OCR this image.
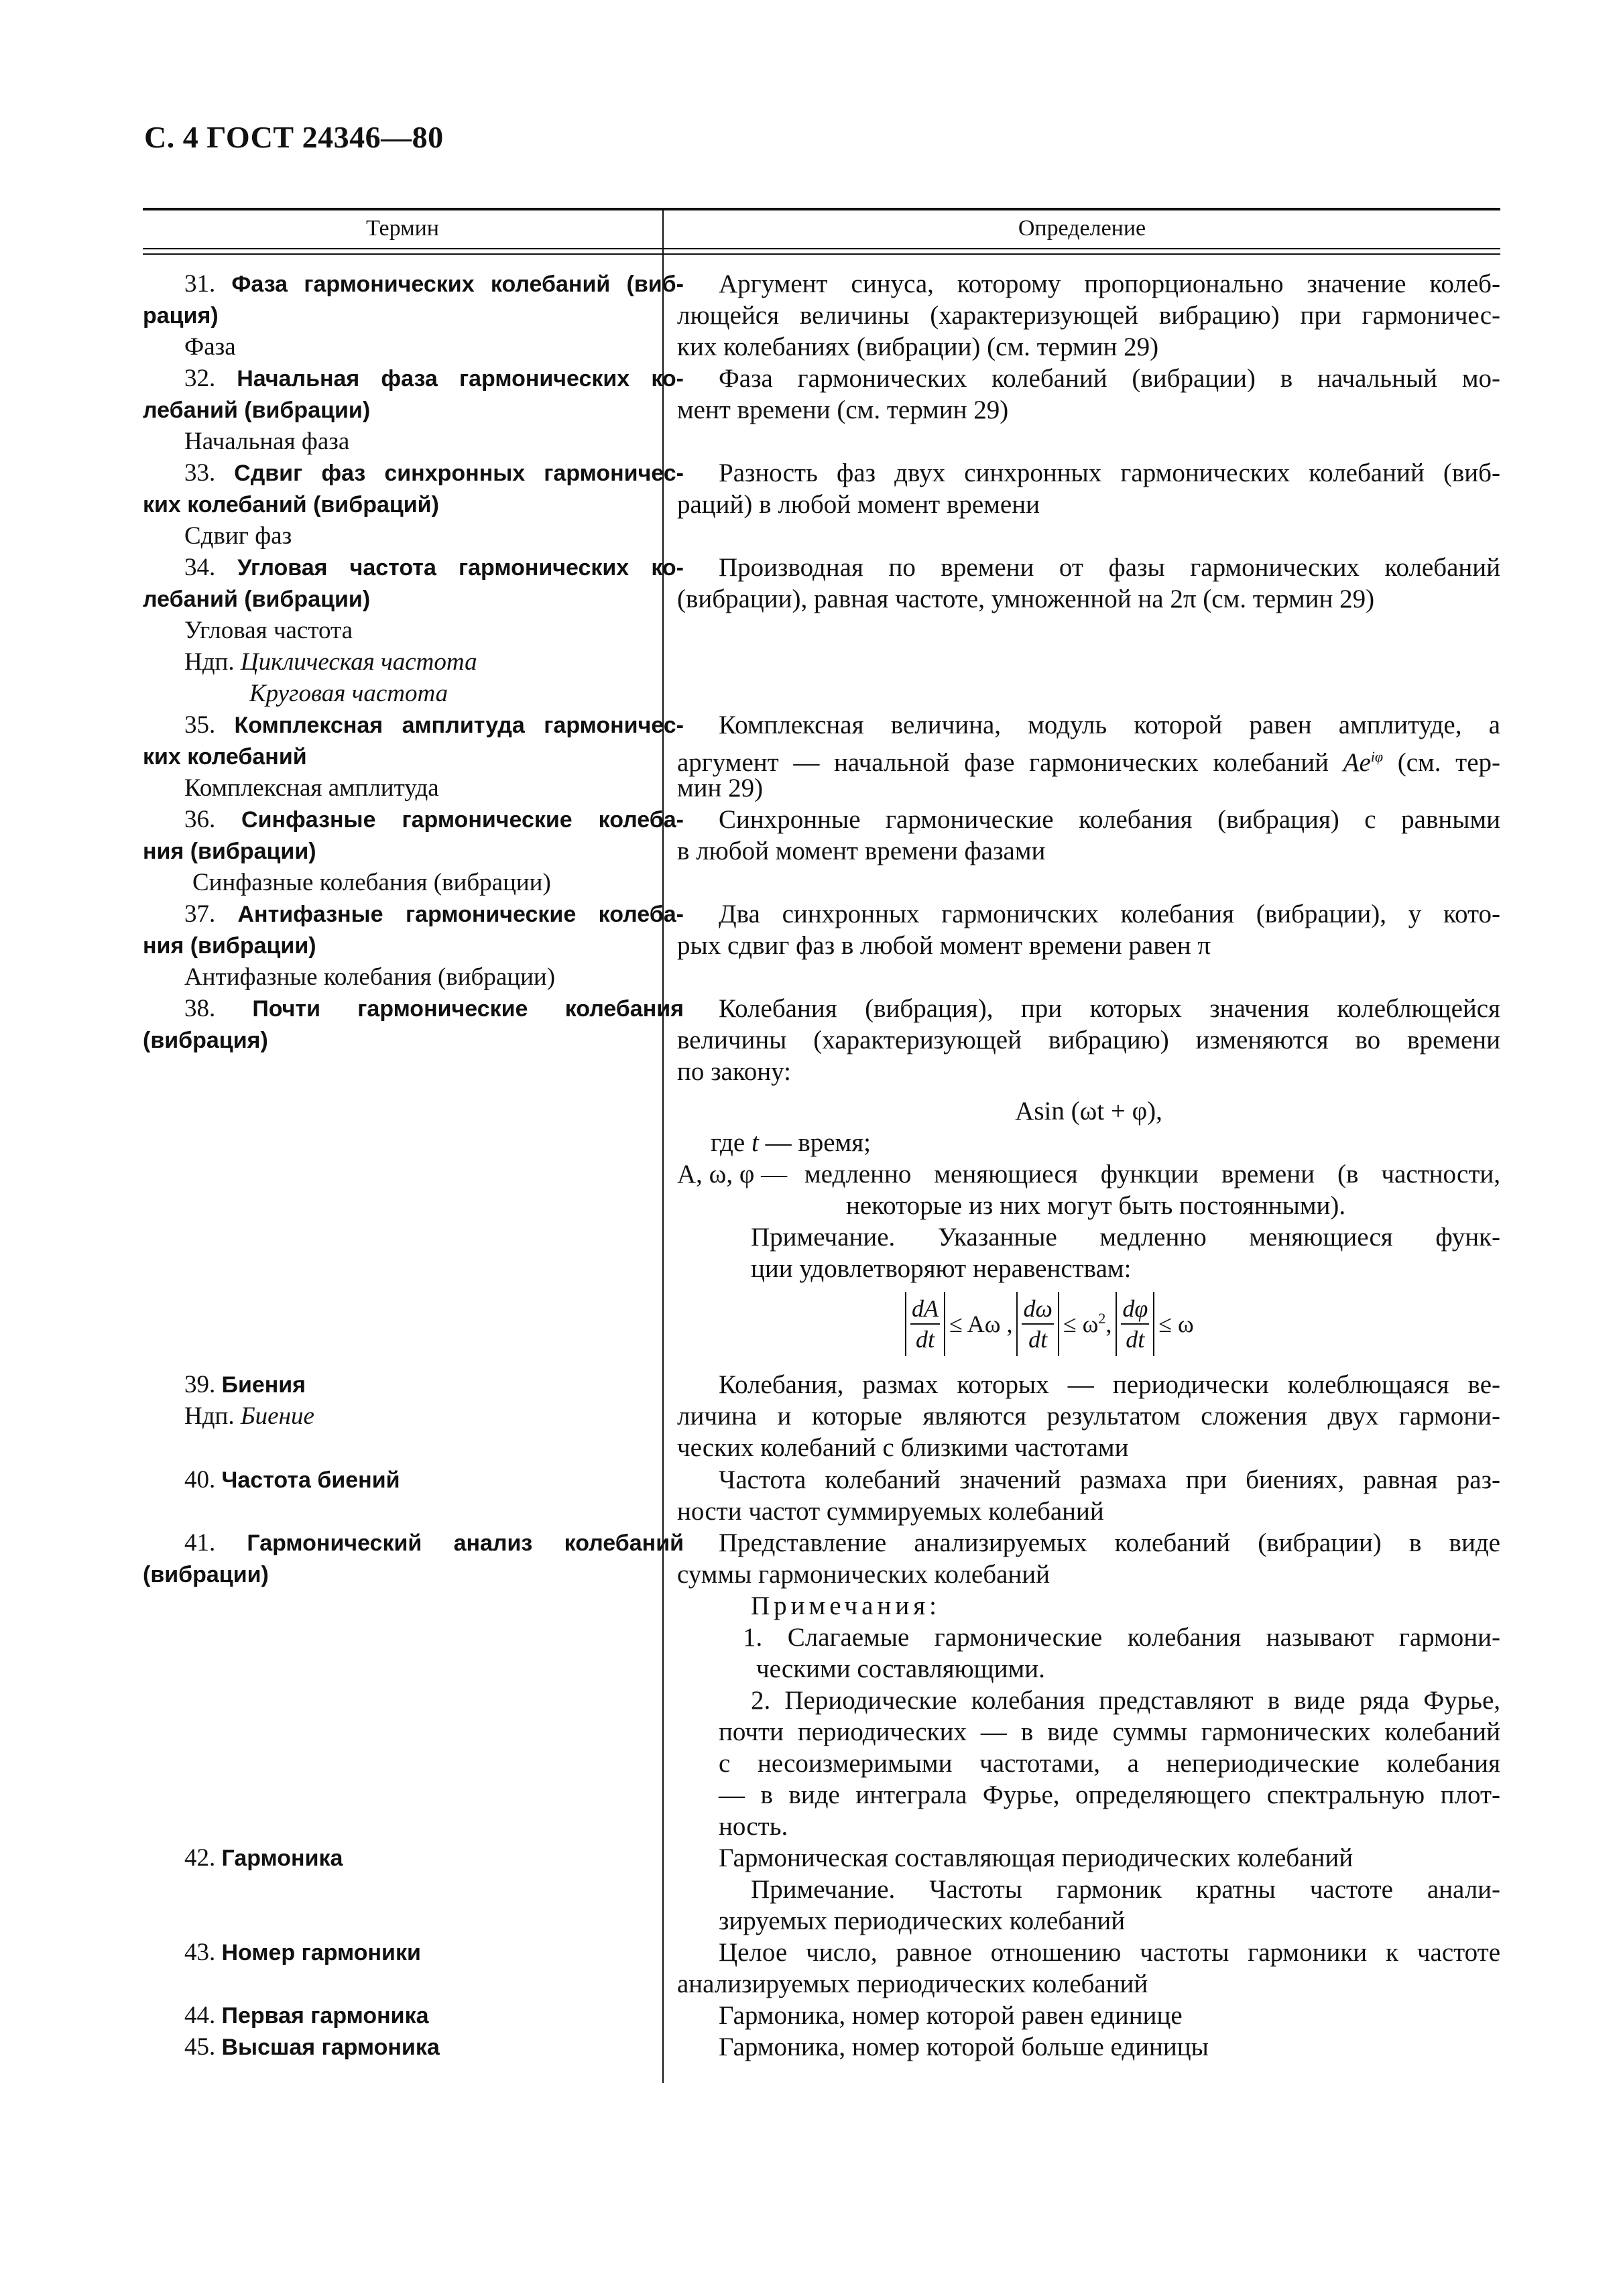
С. 4 ГОСТ 24346—80
Термин	Определение
31. Фаза гармонических колебаний (виб-
рация)
Фаза
32. Начальная фаза гармонических ко-
лебаний (вибрации)
Начальная фаза
33. Сдвиг фаз синхронных гармоничес-
ких колебаний (вибраций)
Сдвиг фаз
34. Угловая частота гармонических ко-
лебаний (вибрации)
Угловая частота
Ндп. Циклическая частота
Круговая частота
35. Комплексная амплитуда гармоничес-
ких колебаний
Комплексная амплитуда
36. Синфазные гармонические колеба-
ния (вибрации)
Синфазные колебания (вибрации)
37. Антифазные гармонические колеба-
ния (вибрации)
Антифазные колебания (вибрации)
38. Почти гармонические колебания
(вибрация)
39. Биения
Ндп. Биение
40. Частота биений
41. Гармонический анализ колебаний
(вибрации)
42. Гармоника
43. Номер гармоники
44. Первая гармоника
45. Высшая гармоника
Аргумент синуса, которому пропорционально значение колеб-
лющейся величины (характеризующей вибрацию) при гармоничес-
ких колебаниях (вибрации) (см. термин 29)
Фаза гармонических колебаний (вибрации) в начальный мо-
мент времени (см. термин 29)
Разность фаз двух синхронных гармонических колебаний (виб-
раций) в любой момент времени
Производная по времени от фазы гармонических колебаний
(вибрации), равная частоте, умноженной на 2π (см. термин 29)
Комплексная величина, модуль которой равен амплитуде, а
аргумент — начальной фазе гармонических колебаний $Ae^{i\varphi}$ (см. тер-
мин 29)
Синхронные гармонические колебания (вибрация) с равными
в любой момент времени фазами
Два синхронных гармоничских колебания (вибрации), у кото-
рых сдвиг фаз в любой момент времени равен π
Колебания (вибрация), при которых значения колеблющейся
величины (характеризующей вибрацию) изменяются во времени
по закону:
Asin (ωt + φ),
где t — время;
A, ω, φ — медленно меняющиеся функции времени (в частности,
некоторые из них могут быть постоянными).
Примечание. Указанные медленно меняющиеся функ-
ции удовлетворяют неравенствам:
$\frac{dA}{dt} \le A\omega$ , $\frac{d\omega}{dt} \le \omega^2$, $\frac{d\varphi}{dt} \le \omega$
Колебания, размах которых — периодически колеблющаяся ве-
личина и которые являются результатом сложения двух гармони-
ческих колебаний с близкими частотами
Частота колебаний значений размаха при биениях, равная раз-
ности частот суммируемых колебаний
Представление анализируемых колебаний (вибрации) в виде
суммы гармонических колебаний
Примечания:
1. Слагаемые гармонические колебания называют гармони-
ческими составляющими.
2. Периодические колебания представляют в виде ряда Фурье,
почти периодических — в виде суммы гармонических колебаний
с несоизмеримыми частотами, а непериодические колебания
— в виде интеграла Фурье, определяющего спектральную плот-
ность.
Гармоническая составляющая периодических колебаний
Примечание. Частоты гармоник кратны частоте анали-
зируемых периодических колебаний
Целое число, равное отношению частоты гармоники к частоте
анализируемых периодических колебаний
Гармоника, номер которой равен единице
Гармоника, номер которой больше единицы
